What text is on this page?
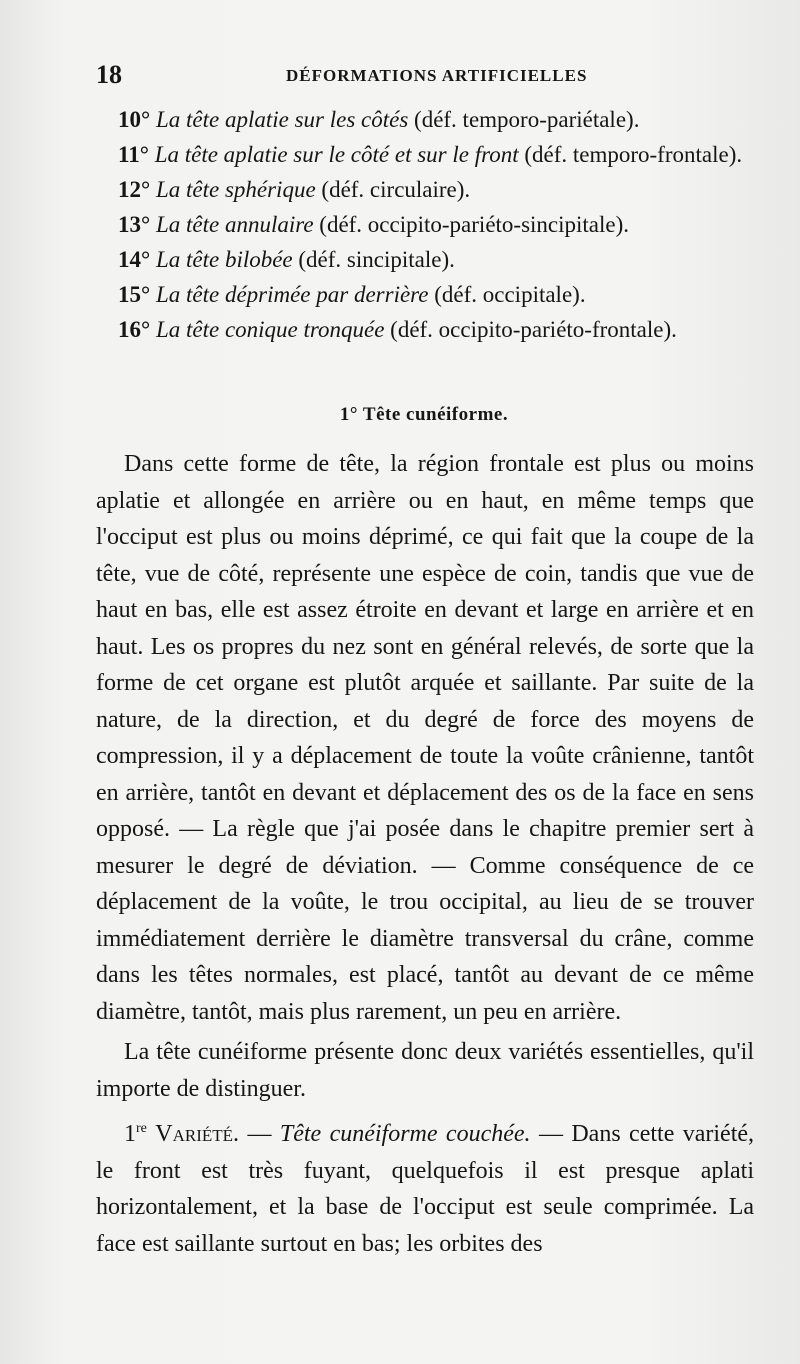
18	DÉFORMATIONS ARTIFICIELLES
10° La tête aplatie sur les côtés (déf. temporo-pariétale).
11° La tête aplatie sur le côté et sur le front (déf. temporo-frontale).
12° La tête sphérique (déf. circulaire).
13° La tête annulaire (déf. occipito-pariéto-sincipitale).
14° La tête bilobée (déf. sincipitale).
15° La tête déprimée par derrière (déf. occipitale).
16° La tête conique tronquée (déf. occipito-pariéto-frontale).
1° Tête cunéiforme.

Dans cette forme de tête, la région frontale est plus ou moins aplatie et allongée en arrière ou en haut, en même temps que l'occiput est plus ou moins déprimé, ce qui fait que la coupe de la tête, vue de côté, représente une espèce de coin, tandis que vue de haut en bas, elle est assez étroite en devant et large en arrière et en haut. Les os propres du nez sont en général relevés, de sorte que la forme de cet organe est plutôt arquée et saillante. Par suite de la nature, de la direction, et du degré de force des moyens de compression, il y a déplacement de toute la voûte crânienne, tantôt en arrière, tantôt en devant et déplacement des os de la face en sens opposé. — La règle que j'ai posée dans le chapitre premier sert à mesurer le degré de déviation. — Comme conséquence de ce déplacement de la voûte, le trou occipital, au lieu de se trouver immédiatement derrière le diamètre transversal du crâne, comme dans les têtes normales, est placé, tantôt au devant de ce même diamètre, tantôt, mais plus rarement, un peu en arrière.

La tête cunéiforme présente donc deux variétés essentielles, qu'il importe de distinguer.

1re Variété. — Tête cunéiforme couchée. — Dans cette variété, le front est très fuyant, quelquefois il est presque aplati horizontalement, et la base de l'occiput est seule comprimée. La face est saillante surtout en bas; les orbites des
